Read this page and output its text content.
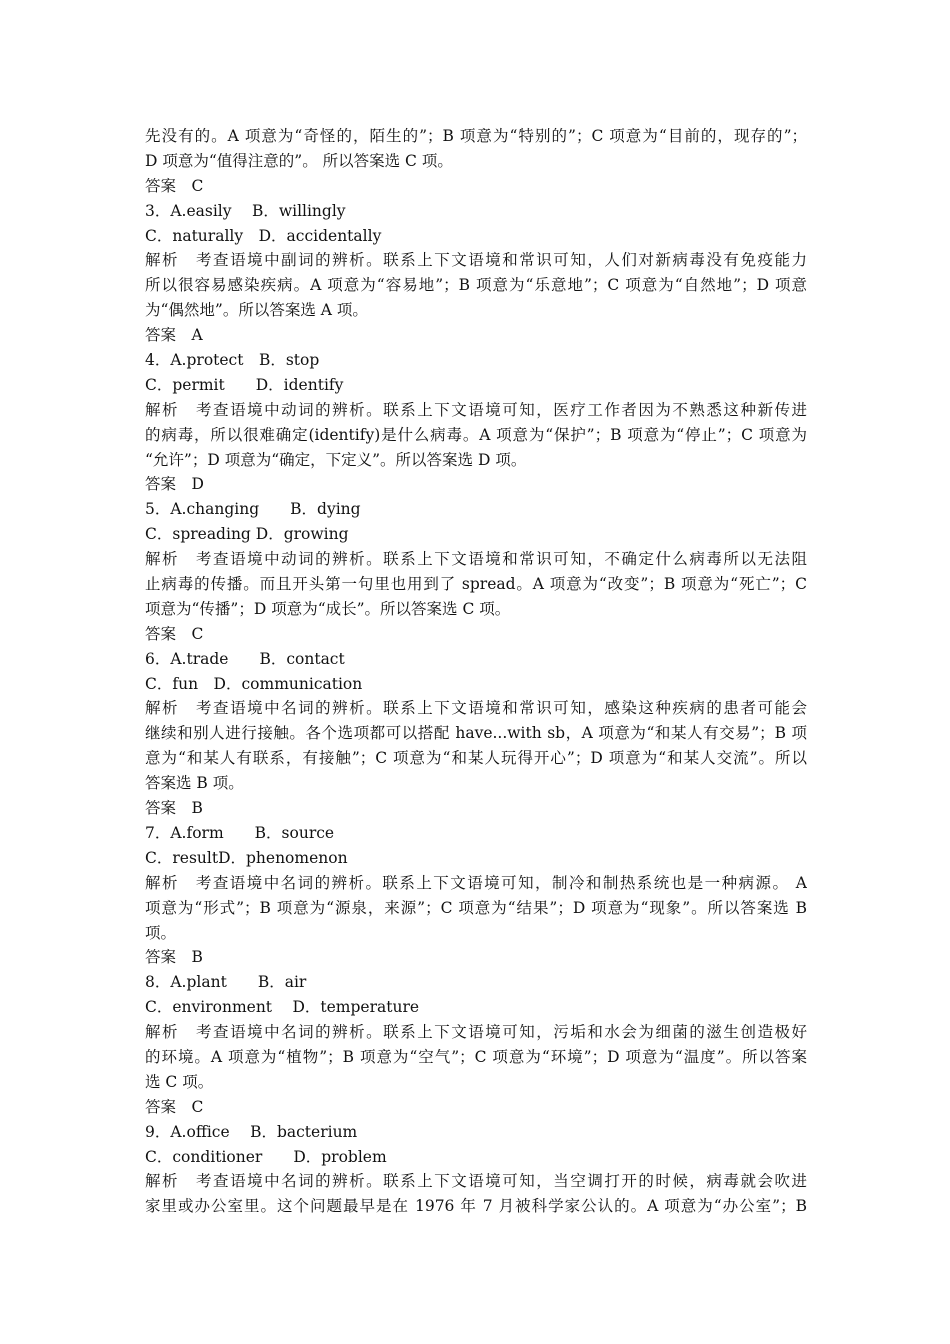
先没有的。A 项意为“奇怪的，陌生的”；B 项意为“特别的”；C 项意为“目前的，现存的”；
D 项意为“值得注意的”。 所以答案选 C 项。
答案　C
3．A.easily　 B．willingly
C．naturally　D．accidentally
解析　考查语境中副词的辨析。联系上下文语境和常识可知，人们对新病毒没有免疫能力
所以很容易感染疾病。A 项意为“容易地”；B 项意为“乐意地”；C 项意为“自然地”；D 项意
为“偶然地”。所以答案选 A 项。
答案　A
4．A.protect　B．stop
C．permit　　D．identify
解析　考查语境中动词的辨析。联系上下文语境可知，医疗工作者因为不熟悉这种新传进
的病毒，所以很难确定(identify)是什么病毒。A 项意为“保护”；B 项意为“停止”；C 项意为
“允许”；D 项意为“确定，下定义”。所以答案选 D 项。
答案　D
5．A.changing　　B．dying
C．spreading D．growing
解析　考查语境中动词的辨析。联系上下文语境和常识可知，不确定什么病毒所以无法阻
止病毒的传播。而且开头第一句里也用到了 spread。A 项意为“改变”；B 项意为“死亡”；C
项意为“传播”；D 项意为“成长”。所以答案选 C 项。
答案　C
6．A.trade　　B．contact
C．fun　D．communication
解析　考查语境中名词的辨析。联系上下文语境和常识可知，感染这种疾病的患者可能会
继续和别人进行接触。各个选项都可以搭配 have...with sb，A 项意为“和某人有交易”；B 项
意为“和某人有联系，有接触”；C 项意为“和某人玩得开心”；D 项意为“和某人交流”。所以
答案选 B 项。
答案　B
7．A.form　　B．source
C．resultD．phenomenon
解析　考查语境中名词的辨析。联系上下文语境可知，制冷和制热系统也是一种病源。 A
项意为“形式”；B 项意为“源泉，来源”；C 项意为“结果”；D 项意为“现象”。所以答案选 B
项。
答案　B
8．A.plant　　B．air
C．environment　 D．temperature
解析　考查语境中名词的辨析。联系上下文语境可知，污垢和水会为细菌的滋生创造极好
的环境。A 项意为“植物”；B 项意为“空气”；C 项意为“环境”；D 项意为“温度”。所以答案
选 C 项。
答案　C
9．A.office　 B．bacterium
C．conditioner　　D．problem
解析　考查语境中名词的辨析。联系上下文语境可知，当空调打开的时候，病毒就会吹进
家里或办公室里。这个问题最早是在 1976 年 7 月被科学家公认的。A 项意为“办公室”；B
